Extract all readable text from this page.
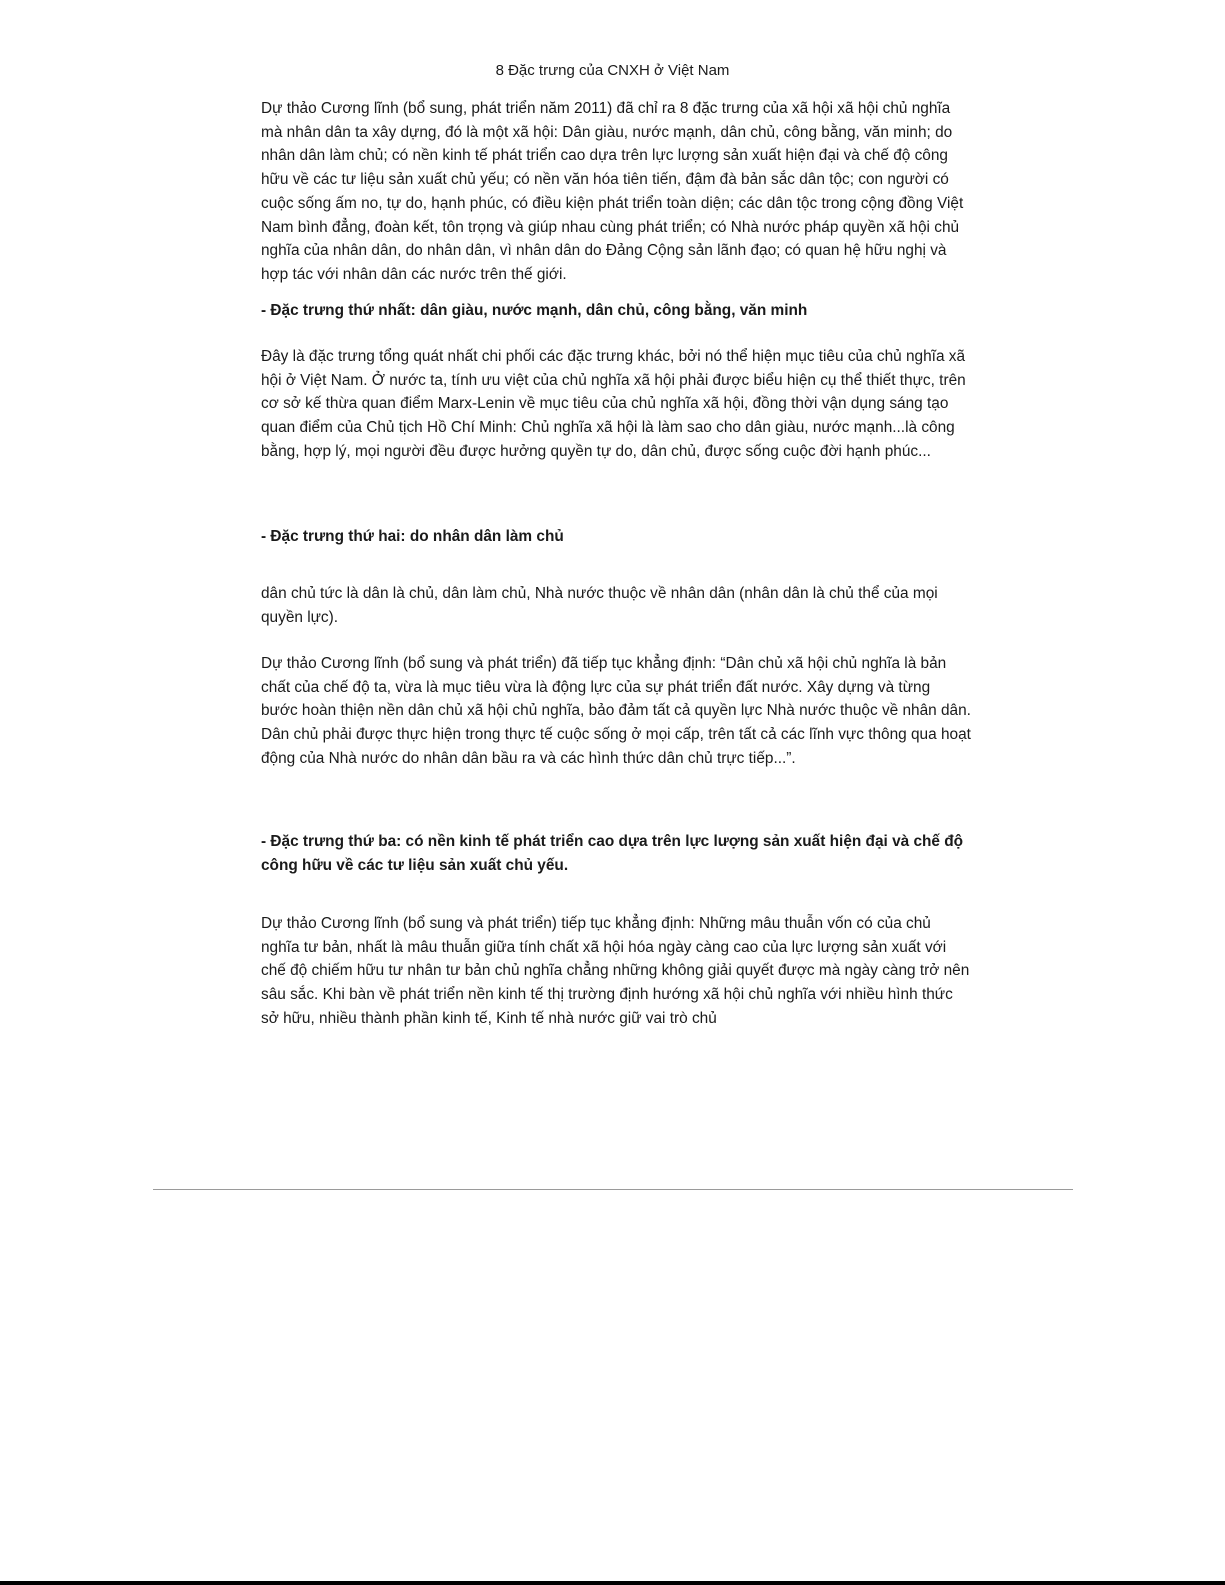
8 Đặc trưng của CNXH ở Việt Nam

Dự thảo Cương lĩnh (bổ sung, phát triển năm 2011) đã chỉ ra 8 đặc trưng của xã hội xã hội chủ nghĩa mà nhân dân ta xây dựng, đó là một xã hội: Dân giàu, nước mạnh, dân chủ, công bằng, văn minh; do nhân dân làm chủ; có nền kinh tế phát triển cao dựa trên lực lượng sản xuất hiện đại và chế độ công hữu về các tư liệu sản xuất chủ yếu; có nền văn hóa tiên tiến, đậm đà bản sắc dân tộc; con người có cuộc sống ấm no, tự do, hạnh phúc, có điều kiện phát triển toàn diện; các dân tộc trong cộng đồng Việt Nam bình đẳng, đoàn kết, tôn trọng và giúp nhau cùng phát triển; có Nhà nước pháp quyền xã hội chủ nghĩa của nhân dân, do nhân dân, vì nhân dân do Đảng Cộng sản lãnh đạo; có quan hệ hữu nghị và hợp tác với nhân dân các nước trên thế giới.

- Đặc trưng thứ nhất: dân giàu, nước mạnh, dân chủ, công bằng, văn minh

Đây là đặc trưng tổng quát nhất chi phối các đặc trưng khác, bởi nó thể hiện mục tiêu của chủ nghĩa xã hội ở Việt Nam. Ở nước ta, tính ưu việt của chủ nghĩa xã hội phải được biểu hiện cụ thể thiết thực, trên cơ sở kế thừa quan điểm Marx-Lenin về mục tiêu của chủ nghĩa xã hội, đồng thời vận dụng sáng tạo quan điểm của Chủ tịch Hồ Chí Minh: Chủ nghĩa xã hội là làm sao cho dân giàu, nước mạnh...là công bằng, hợp lý, mọi người đều được hưởng quyền tự do, dân chủ, được sống cuộc đời hạnh phúc...

- Đặc trưng thứ hai: do nhân dân làm chủ

dân chủ tức là dân là chủ, dân làm chủ, Nhà nước thuộc về nhân dân (nhân dân là chủ thể của mọi quyền lực).

Dự thảo Cương lĩnh (bổ sung và phát triển) đã tiếp tục khẳng định: “Dân chủ xã hội chủ nghĩa là bản chất của chế độ ta, vừa là mục tiêu vừa là động lực của sự phát triển đất nước. Xây dựng và từng bước hoàn thiện nền dân chủ xã hội chủ nghĩa, bảo đảm tất cả quyền lực Nhà nước thuộc về nhân dân. Dân chủ phải được thực hiện trong thực tế cuộc sống ở mọi cấp, trên tất cả các lĩnh vực thông qua hoạt động của Nhà nước do nhân dân bầu ra và các hình thức dân chủ trực tiếp...”.

- Đặc trưng thứ ba: có nền kinh tế phát triển cao dựa trên lực lượng sản xuất hiện đại và chế độ công hữu về các tư liệu sản xuất chủ yếu.

Dự thảo Cương lĩnh (bổ sung và phát triển) tiếp tục khẳng định: Những mâu thuẫn vốn có của chủ nghĩa tư bản, nhất là mâu thuẫn giữa tính chất xã hội hóa ngày càng cao của lực lượng sản xuất với chế độ chiếm hữu tư nhân tư bản chủ nghĩa chẳng những không giải quyết được mà ngày càng trở nên sâu sắc. Khi bàn về phát triển nền kinh tế thị trường định hướng xã hội chủ nghĩa với nhiều hình thức sở hữu, nhiều thành phần kinh tế, Kinh tế nhà nước giữ vai trò chủ
